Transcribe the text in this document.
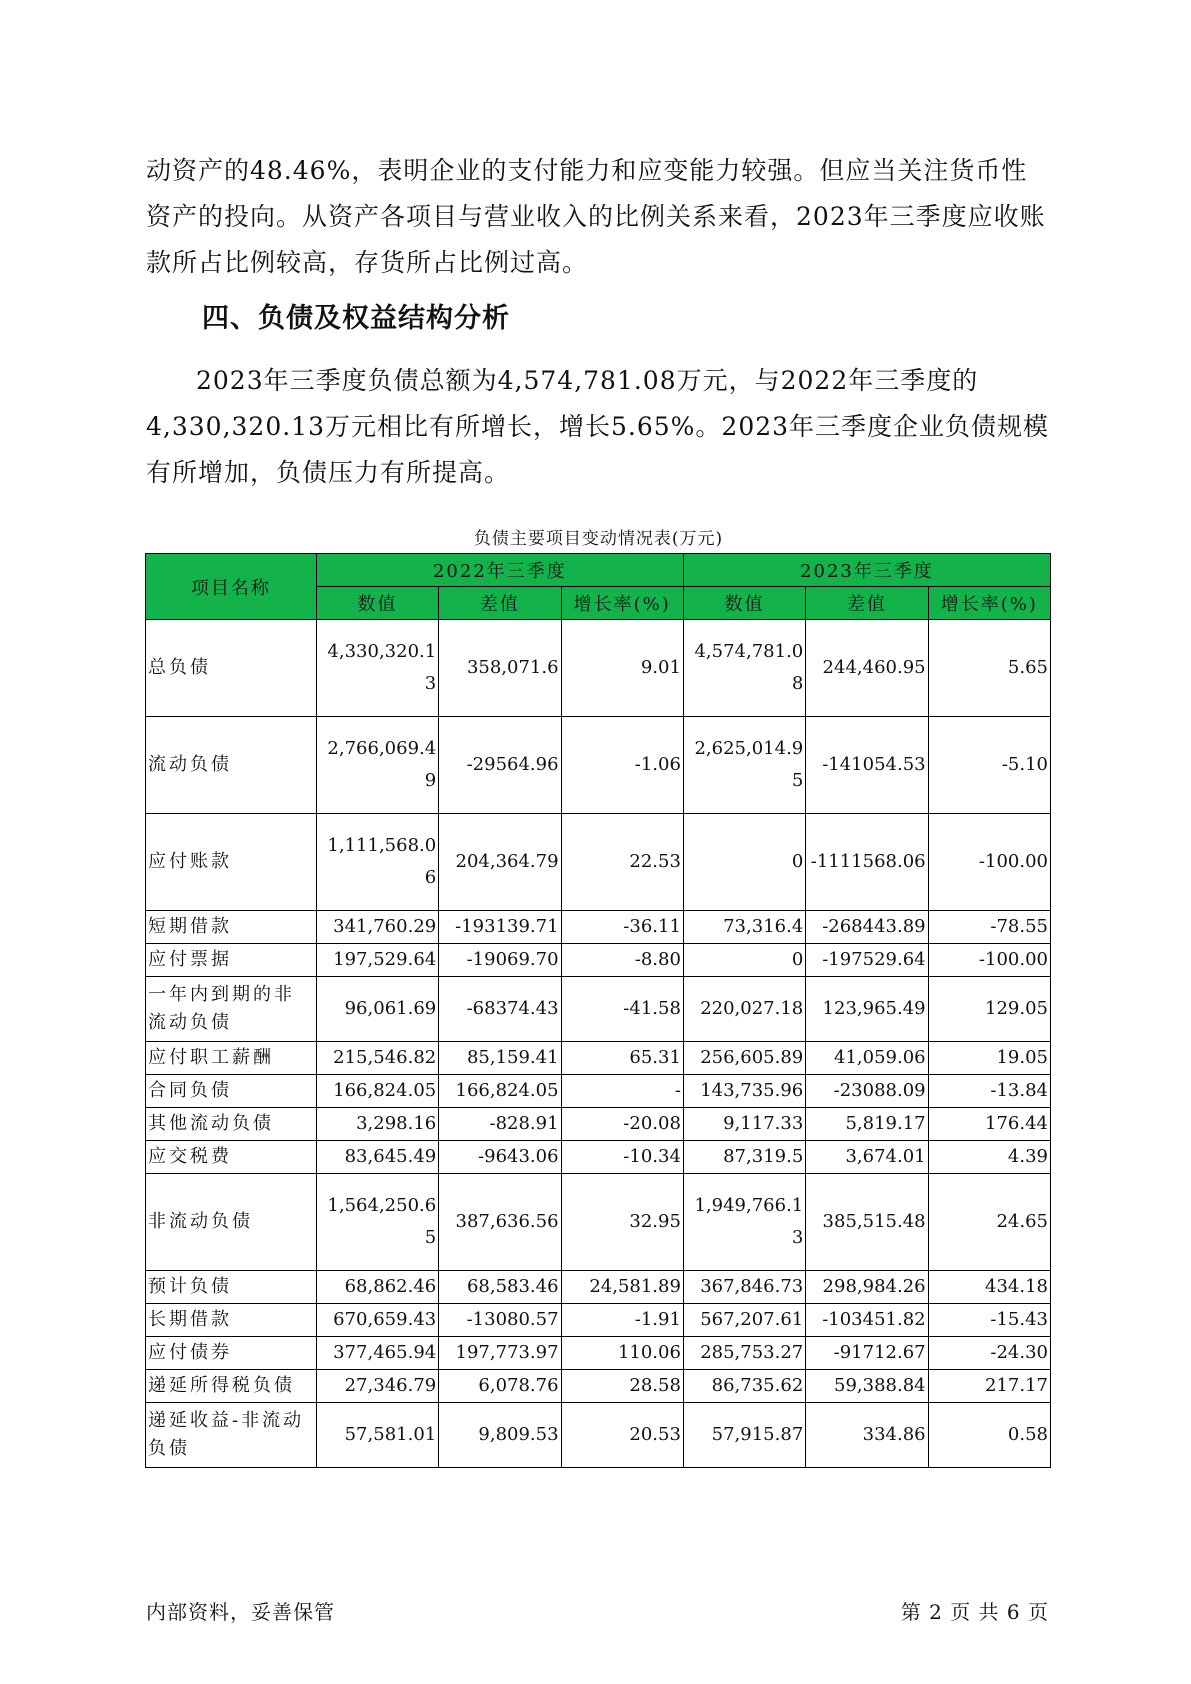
动资产的48.46%，表明企业的支付能力和应变能力较强。但应当关注货币性资产的投向。从资产各项目与营业收入的比例关系来看，2023年三季度应收账款所占比例较高，存货所占比例过高。

四、负债及权益结构分析

2023年三季度负债总额为4,574,781.08万元，与2022年三季度的4,330,320.13万元相比有所增长，增长5.65%。2023年三季度企业负债规模有所增加，负债压力有所提高。

负债主要项目变动情况表(万元)
项目名称	2022年三季度			2023年三季度		
	数值	差值	增长率(%)	数值	差值	增长率(%)
总负债	4,330,320.13	358,071.6	9.01	4,574,781.08	244,460.95	5.65
流动负债	2,766,069.49	-29564.96	-1.06	2,625,014.95	-141054.53	-5.10
应付账款	1,111,568.06	204,364.79	22.53	0	-1111568.06	-100.00
短期借款	341,760.29	-193139.71	-36.11	73,316.4	-268443.89	-78.55
应付票据	197,529.64	-19069.70	-8.80	0	-197529.64	-100.00
一年内到期的非流动负债	96,061.69	-68374.43	-41.58	220,027.18	123,965.49	129.05
应付职工薪酬	215,546.82	85,159.41	65.31	256,605.89	41,059.06	19.05
合同负债	166,824.05	166,824.05	-	143,735.96	-23088.09	-13.84
其他流动负债	3,298.16	-828.91	-20.08	9,117.33	5,819.17	176.44
应交税费	83,645.49	-9643.06	-10.34	87,319.5	3,674.01	4.39
非流动负债	1,564,250.65	387,636.56	32.95	1,949,766.13	385,515.48	24.65
预计负债	68,862.46	68,583.46	24,581.89	367,846.73	298,984.26	434.18
长期借款	670,659.43	-13080.57	-1.91	567,207.61	-103451.82	-15.43
应付债券	377,465.94	197,773.97	110.06	285,753.27	-91712.67	-24.30
递延所得税负债	27,346.79	6,078.76	28.58	86,735.62	59,388.84	217.17
递延收益-非流动负债	57,581.01	9,809.53	20.53	57,915.87	334.86	0.58
内部资料，妥善保管	第 2 页 共 6 页
